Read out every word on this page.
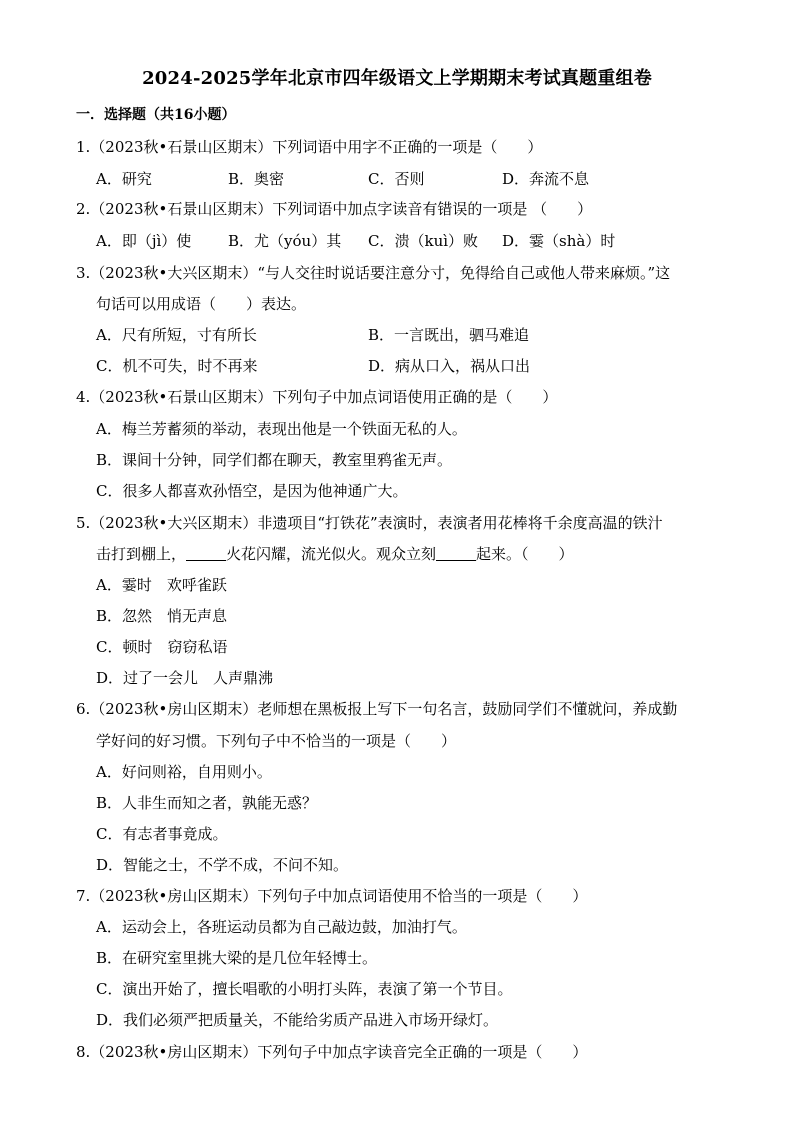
2024-2025学年北京市四年级语文上学期期末考试真题重组卷
一．选择题（共16小题）
1.（2023秋•石景山区期末）下列词语中用字不正确的一项是（　　）
A．研究	B．奥密	C．否则	D．奔流不息
2.（2023秋•石景山区期末）下列词语中加点字读音有错误的一项是 （　　）
A．即（jì）使 B．尤（yóu）其 C．溃（kuì）败 D．霎（shà）时
3.（2023秋•大兴区期末）“与人交往时说话要注意分寸，免得给自己或他人带来麻烦。”这
句话可以用成语（　　）表达。
A．尺有所短，寸有所长	B．一言既出，驷马难追
C．机不可失，时不再来	D．病从口入，祸从口出
4.（2023秋•石景山区期末）下列句子中加点词语使用正确的是（　　）
A．梅兰芳蓄须的举动，表现出他是一个铁面无私的人。
B．课间十分钟，同学们都在聊天，教室里鸦雀无声。
C．很多人都喜欢孙悟空，是因为他神通广大。
5.（2023秋•大兴区期末）非遗项目“打铁花”表演时，表演者用花棒将千余度高温的铁汁
击打到棚上，	火花闪耀，流光似火。观众立刻	起来。（　　）
A．霎时　欢呼雀跃
B．忽然　悄无声息
C．顿时　窃窃私语
D．过了一会儿　人声鼎沸
6.（2023秋•房山区期末）老师想在黑板报上写下一句名言，鼓励同学们不懂就问，养成勤
学好问的好习惯。下列句子中不恰当的一项是（　　）
A．好问则裕，自用则小。
B．人非生而知之者，孰能无惑？
C．有志者事竟成。
D．智能之士，不学不成，不问不知。
7.（2023秋•房山区期末）下列句子中加点词语使用不恰当的一项是（　　）
A．运动会上，各班运动员都为自己敲边鼓，加油打气。
B．在研究室里挑大梁的是几位年轻博士。
C．演出开始了，擅长唱歌的小明打头阵，表演了第一个节目。
D．我们必须严把质量关，不能给劣质产品进入市场开绿灯。
8.（2023秋•房山区期末）下列句子中加点字读音完全正确的一项是（　　）
